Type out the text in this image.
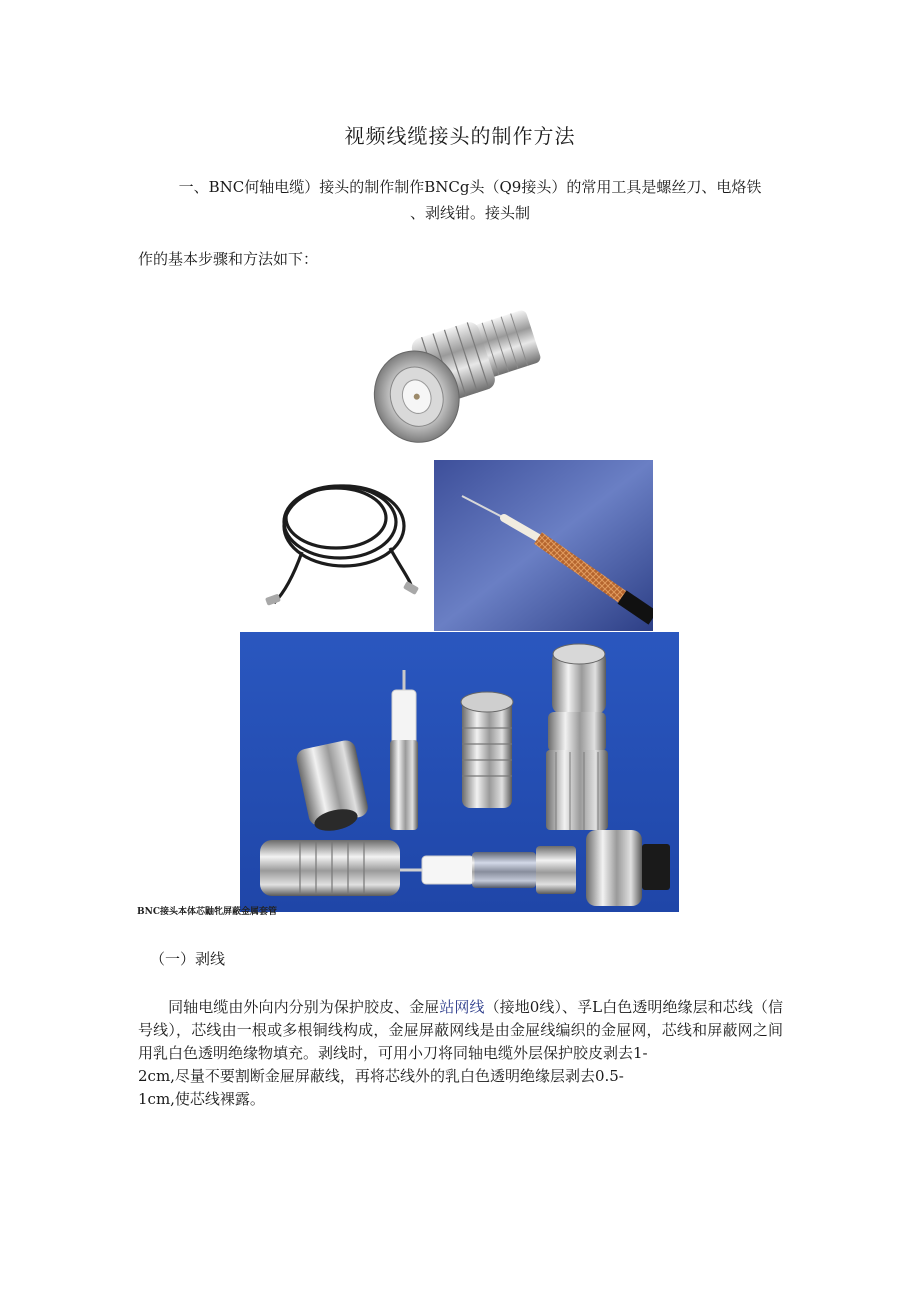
视频线缆接头的制作方法
一、BNC何轴电缆）接头的制作制作BNCg头（Q9接头）的常用工具是螺丝刀、电烙铁
、剥线钳。接头制
作的基本步骤和方法如下：
BNC接头本体芯鼬牝屏蔽金属套管
（一）剥线
同轴电缆由外向内分别为保护胶皮、金屉站网线（接地0线）、孚L白色透明绝缘层和芯线（信号线），芯线由一根或多根铜线构成，金屉屏蔽网线是由金屉线编织的金屉网，芯线和屏蔽网之间用乳白色透明绝缘物填充。剥线时，可用小刀将同轴电缆外层保护胶皮剥去1-
2cm,尽量不要割断金屉屏蔽线，再将芯线外的乳白色透明绝缘层剥去0.5-
1cm,使芯线裸露。
